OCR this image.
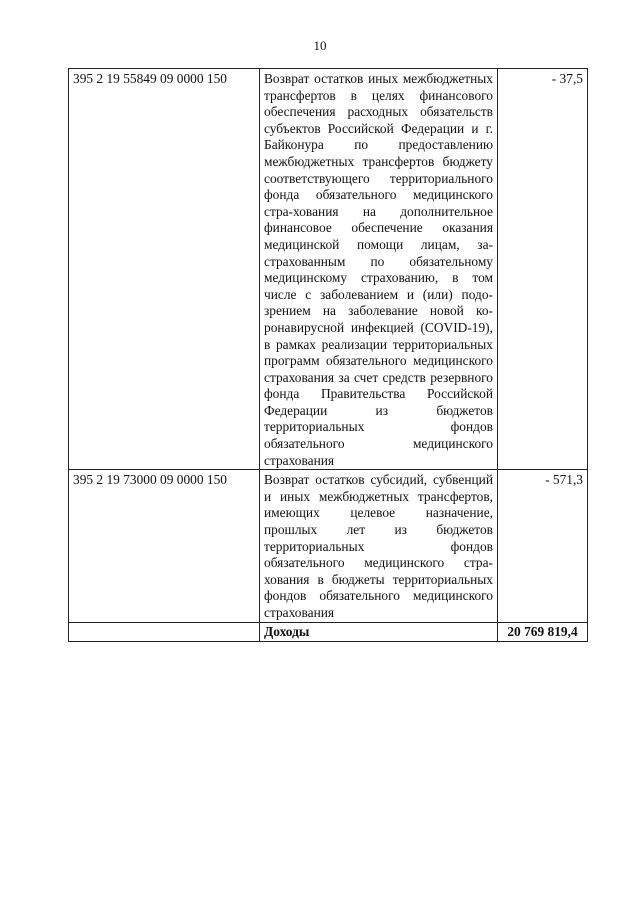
10
395 2 19 55849 09 0000 150	Возврат остатков иных межбюджетных трансфертов в целях финансового обеспечения расходных обязательств субъектов Российской Федерации и г. Байконура по предоставлению межбюджетных трансфертов бюджету соответствующего территориального фонда обязательного медицинского стра-хования на дополнительное финансовое обеспечение оказания медицинской помощи лицам, застрахованным по обязательному медицинскому страхованию, в том числе с заболеванием и (или) подозрением на заболевание новой коронавирусной инфекцией (COVID-19), в рамках реализации территориальных программ обязательного медицинского страхования за счет средств резервного фонда Правительства Российской Федерации из бюджетов территориальных фондов обязательного медицинского страхования	- 37,5
395 2 19 73000 09 0000 150	Возврат остатков субсидий, субвенций и иных межбюджетных трансфертов, имеющих целевое назначение, прошлых лет из бюджетов территориальных фондов обязательного медицинского страхования в бюджеты территориальных фондов обязательного медицинского страхования	- 571,3
	Доходы	20 769 819,4
